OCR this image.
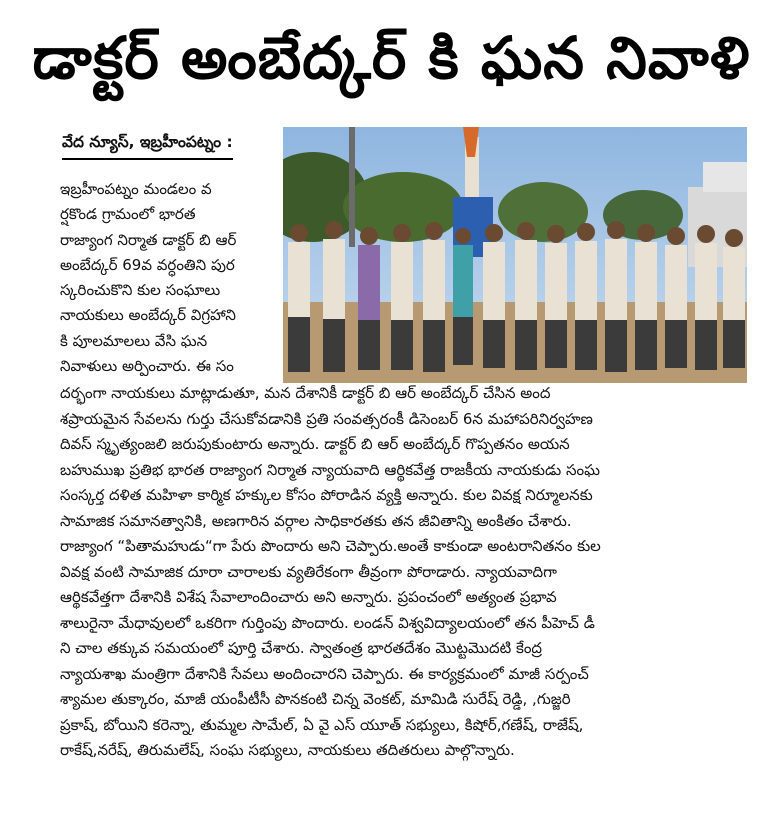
డాక్టర్ అంబేద్కర్ కి ఘన నివాళి
వేద న్యూస్, ఇబ్రహీంపట్నం :
ఇబ్రహీంపట్నం మండలం వ
ర్షకొండ గ్రామంలో భారత
రాజ్యాంగ నిర్మాత డాక్టర్ బి ఆర్
అంబేద్కర్ 69వ వర్ధంతిని పుర
స్కరించుకొని కుల సంఘాలు
నాయకులు అంబేద్కర్ విగ్రహాని
కి పూలమాలలు వేసి ఘన
నివాళులు అర్పించారు. ఈ సం
దర్భంగా నాయకులు మాట్లాడుతూ, మన దేశానికీ డాక్టర్ బి ఆర్ అంబేద్కర్ చేసిన అంద
శప్రాయమైన సేవలను గుర్తు చేసుకోవడానికి ప్రతి సంవత్సరంకీ డిసెంబర్ 6న మహాపరినిర్వహణ
దివస్ స్మృత్యంజలి జరుపుకుంటారు అన్నారు. డాక్టర్ బి ఆర్ అంబేద్కర్ గొప్పతనం అయన
బహుముఖ ప్రతిభ భారత రాజ్యాంగ నిర్మాత న్యాయవాది ఆర్థికవేత్త రాజకీయ నాయకుడు సంఘ
సంస్కర్త దళిత మహిళా కార్మిక హక్కుల కోసం పోరాడిన వ్యక్తి అన్నారు. కుల వివక్ష నిర్మూలనకు
సామాజిక సమానత్వానికి, అణగారిన వర్గాల సాధికారతకు తన జీవితాన్ని అంకితం చేశారు.
రాజ్యాంగ “పితామహుడు“గా పేరు పొందారు అని చెప్పారు.అంతే కాకుండా అంటరానితనం కుల
వివక్ష వంటి సామాజిక దూరా చారాలకు వ్యతిరేకంగా తీవ్రంగా పోరాడారు. న్యాయవాదిగా
ఆర్థికవేత్తగా దేశానికి విశేష సేవాలాందించారు అని అన్నారు. ప్రపంచంలో అత్యంత ప్రభావ
శాలురైనా మేధావులలో ఒకరిగా గుర్తింపు పొందారు. లండన్ విశ్వవిద్యాలయంలో తన పీహెచ్ డీ
ని చాల తక్కువ సమయంలో పూర్తి చేశారు. స్వాతంత్ర భారతదేశం మొట్టమొదటి కేంద్ర
న్యాయశాఖ మంత్రిగా దేశానికి సేవలు అందించారని చెప్పారు. ఈ కార్యక్రమంలో మాజీ సర్పంచ్
శ్యామల తుక్కారం, మాజీ యంపీటీసీ పొనకంటి చిన్న వెంకట్, మామిడి సురేష్ రెడ్డి, ,గుజ్జరి
ప్రకాష్, బోయిని కరెన్నా, తుమ్మల సామేల్, ఏ వై ఎస్ యూత్ సభ్యులు, కిషోర్,గణేష్, రాజేష్,
రాకేష్,నరేష్, తిరుమలేష్, సంఘ సభ్యులు, నాయకులు తదితరులు పాల్గొన్నారు.
